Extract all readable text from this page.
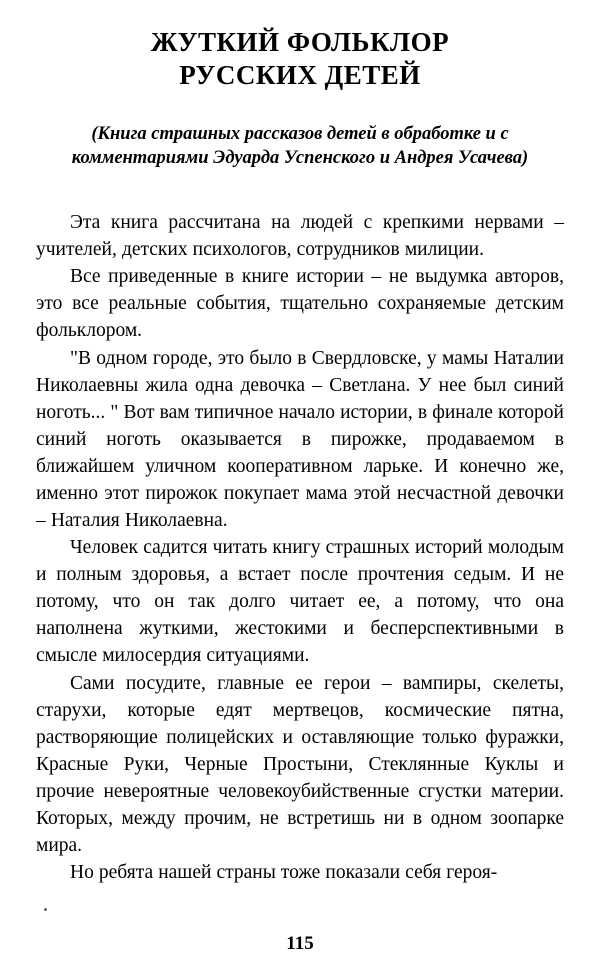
ЖУТКИЙ ФОЛЬКЛОР
РУССКИХ ДЕТЕЙ
(Книга страшных рассказов детей в обработке и с
комментариями Эдуарда Успенского и Андрея Усачева)

Эта книга рассчитана на людей с крепкими нервами – учителей, детских психологов, сотрудников милиции.

Все приведенные в книге истории – не выдумка авторов, это все реальные события, тщательно сохраняемые детским фольклором.

"В одном городе, это было в Свердловске, у мамы Наталии Николаевны жила одна девочка – Светлана. У нее был синий ноготь... " Вот вам типичное начало истории, в финале которой синий ноготь оказывается в пирожке, продаваемом в ближайшем уличном кооперативном ларьке. И конечно же, именно этот пирожок покупает мама этой несчастной девочки – Наталия Николаевна.

Человек садится читать книгу страшных историй молодым и полным здоровья, а встает после прочтения седым. И не потому, что он так долго читает ее, а потому, что она наполнена жуткими, жестокими и бесперспективными в смысле милосердия ситуациями.

Сами посудите, главные ее герои – вампиры, скелеты, старухи, которые едят мертвецов, космические пятна, растворяющие полицейских и оставляющие только фуражки, Красные Руки, Черные Простыни, Стеклянные Куклы и прочие невероятные человекоубийственные сгустки материи. Которых, между прочим, не встретишь ни в одном зоопарке мира.

Но ребята нашей страны тоже показали себя героя-

115
